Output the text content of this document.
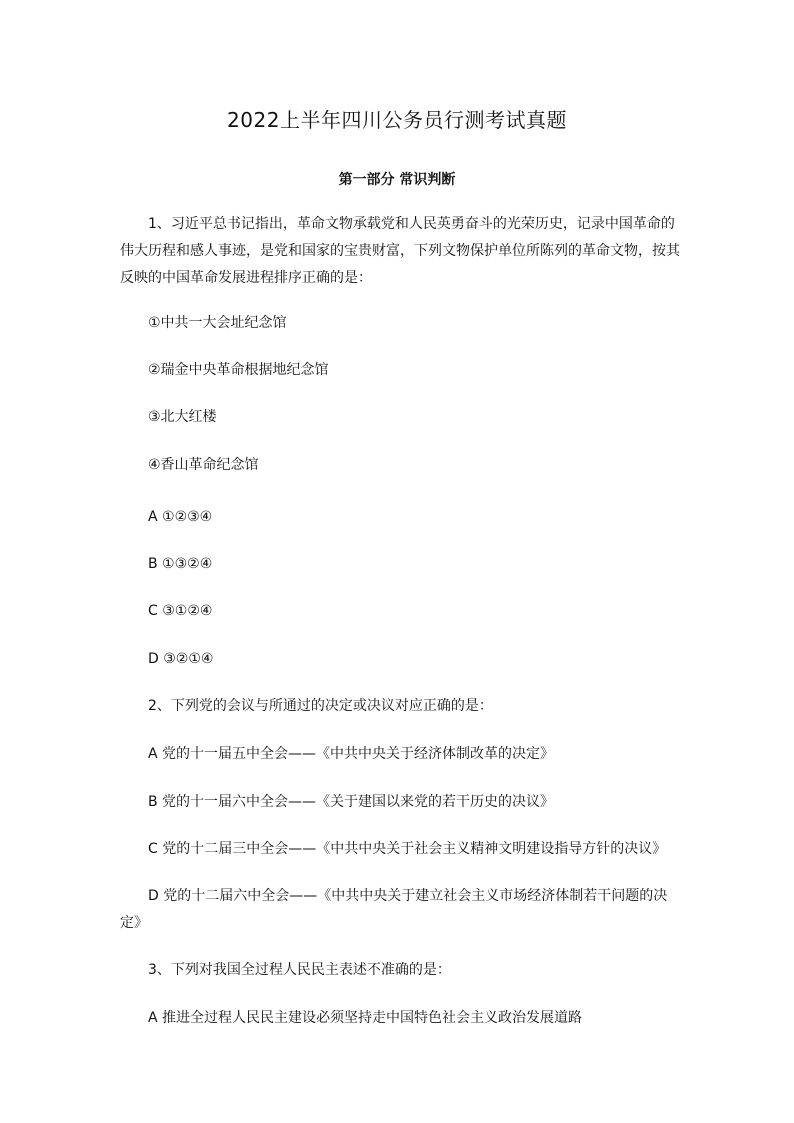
2022上半年四川公务员行测考试真题
第一部分 常识判断
1、习近平总书记指出，革命文物承载党和人民英勇奋斗的光荣历史，记录中国革命的伟大历程和感人事迹，是党和国家的宝贵财富，下列文物保护单位所陈列的革命文物，按其反映的中国革命发展进程排序正确的是：
①中共一大会址纪念馆
②瑞金中央革命根据地纪念馆
③北大红楼
④香山革命纪念馆
A ①②③④
B ①③②④
C ③①②④
D ③②①④
2、下列党的会议与所通过的决定或决议对应正确的是：
A 党的十一届五中全会——《中共中央关于经济体制改革的决定》
B 党的十一届六中全会——《关于建国以来党的若干历史的决议》
C 党的十二届三中全会——《中共中央关于社会主义精神文明建设指导方针的决议》
D 党的十二届六中全会——《中共中央关于建立社会主义市场经济体制若干问题的决定》
3、下列对我国全过程人民民主表述不准确的是：
A 推进全过程人民民主建设必须坚持走中国特色社会主义政治发展道路
